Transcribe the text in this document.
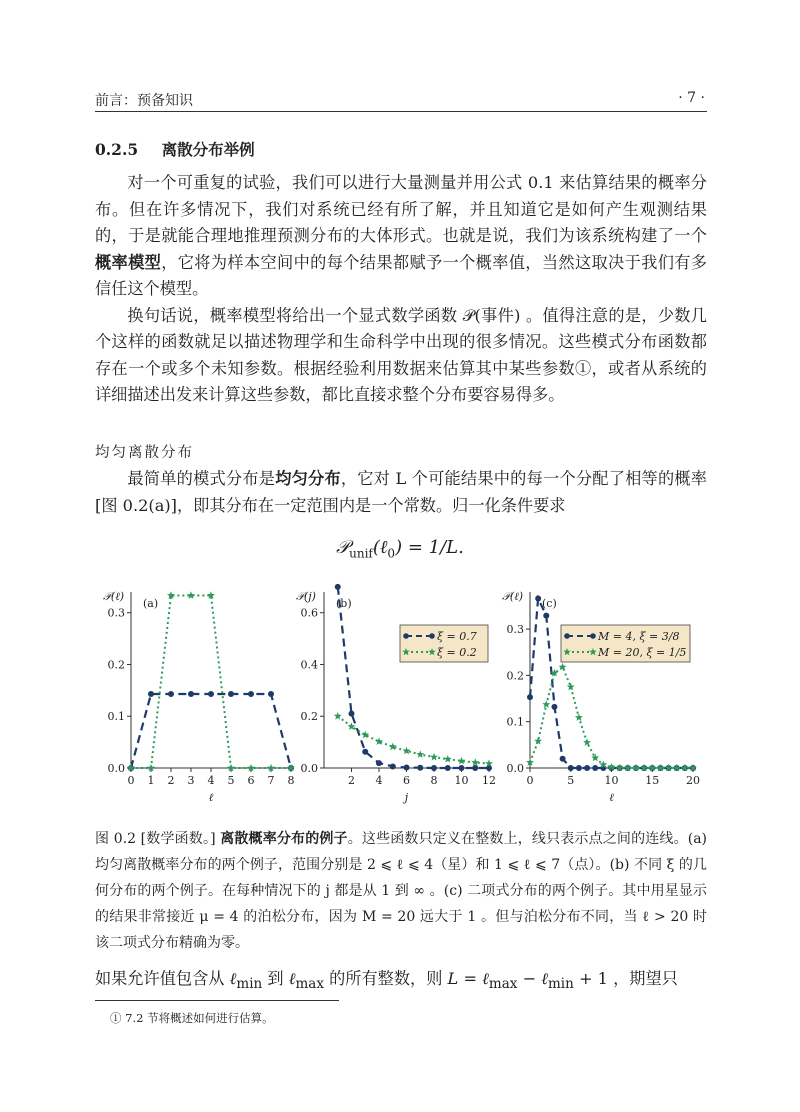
前言：预备知识	· 7 ·
0.2.5 离散分布举例

对一个可重复的试验，我们可以进行大量测量并用公式 0.1 来估算结果的概率分布。但在许多情况下，我们对系统已经有所了解，并且知道它是如何产生观测结果的，于是就能合理地推理预测分布的大体形式。也就是说，我们为该系统构建了一个概率模型，它将为样本空间中的每个结果都赋予一个概率值，当然这取决于我们有多信任这个模型。

换句话说，概率模型将给出一个显式数学函数 𝒫(事件) 。值得注意的是，少数几个这样的函数就足以描述物理学和生命科学中出现的很多情况。这些模式分布函数都存在一个或多个未知参数。根据经验利用数据来估算其中某些参数①，或者从系统的详细描述出发来计算这些参数，都比直接求整个分布要容易得多。

均匀离散分布

最简单的模式分布是均匀分布，它对 L 个可能结果中的每一个分配了相等的概率 [图 0.2(a)]，即其分布在一定范围内是一个常数。归一化条件要求

𝒫$_{unif}$(ℓ$_0$) = 1/L.
0.0
0.1
0.2
0.3
0 1 2 3 4 5 6 7 8
𝒫(ℓ)
ℓ
(a)
0.0
0.2
0.4
0.6
2 4 6 8 10 12
𝒫(j)
j
(b)
ξ = 0.7
ξ = 0.2
0.0
0.1
0.2
0.3
0	5	10 15 20
𝒫(ℓ)
ℓ
(c)
M = 4, ξ = 3/8
M = 20, ξ = 1/5
图 0.2 [数学函数。] 离散概率分布的例子。这些函数只定义在整数上，线只表示点之间的连线。(a) 均匀离散概率分布的两个例子，范围分别是 2 ⩽ ℓ ⩽ 4（星）和 1 ⩽ ℓ ⩽ 7（点）。(b) 不同 ξ 的几何分布的两个例子。在每种情况下的 j 都是从 1 到 ∞ 。(c) 二项式分布的两个例子。其中用星显示的结果非常接近 μ = 4 的泊松分布，因为 M = 20 远大于 1 。但与泊松分布不同，当 ℓ > 20 时该二项式分布精确为零。
如果允许值包含从 ℓ$_{min}$ 到 ℓ$_{max}$ 的所有整数，则 L = ℓ$_{max}$ − ℓ$_{min}$ + 1 ，期望只
① 7.2 节将概述如何进行估算。
